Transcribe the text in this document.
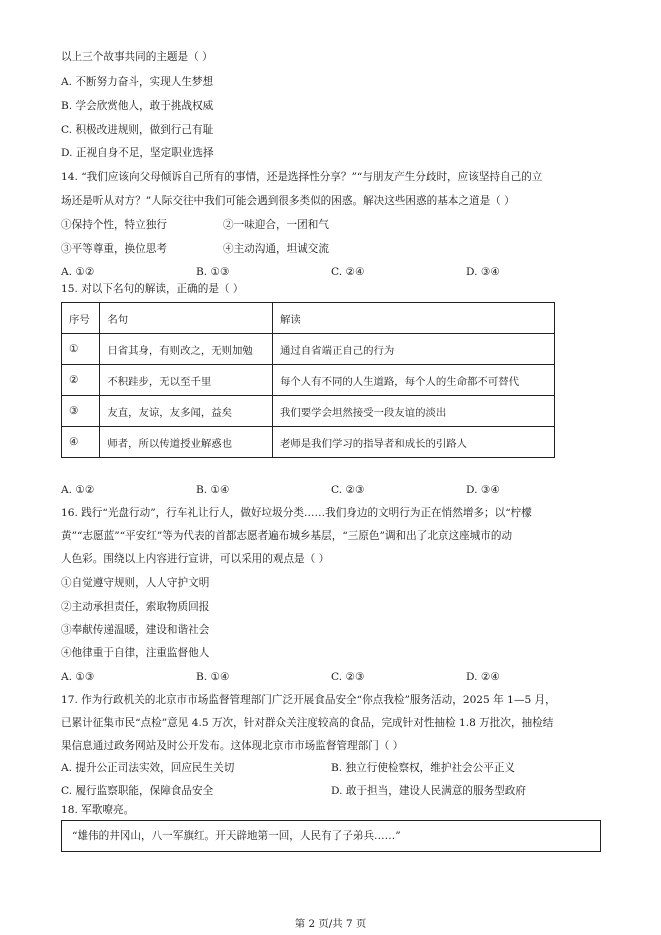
以上三个故事共同的主题是（ ）
A. 不断努力奋斗，实现人生梦想
B. 学会欣赏他人，敢于挑战权威
C. 积极改进规则，做到行己有耻
D. 正视自身不足，坚定职业选择
14. “我们应该向父母倾诉自己所有的事情，还是选择性分享？”“与朋友产生分歧时，应该坚持自己的立
场还是听从对方？”人际交往中我们可能会遇到很多类似的困惑。解决这些困惑的基本之道是（ ）
①保持个性，特立独行	②一味迎合，一团和气
③平等尊重，换位思考	④主动沟通，坦诚交流
A. ①②	B. ①③	C. ②④	D. ③④
15. 对以下名句的解读，正确的是（ ）
序号	名句	解读
①	日省其身，有则改之，无则加勉	通过自省端正自己的行为
②	不积跬步，无以至千里	每个人有不同的人生道路，每个人的生命都不可替代
③	友直，友谅，友多闻，益矣	我们要学会坦然接受一段友谊的淡出
④	师者，所以传道授业解惑也	老师是我们学习的指导者和成长的引路人
A. ①②	B. ①④	C. ②③	D. ③④
16. 践行“光盘行动”，行车礼让行人，做好垃圾分类……我们身边的文明行为正在悄然增多；以“柠檬
黄”“志愿蓝”“平安红”等为代表的首都志愿者遍布城乡基层，“三原色”调和出了北京这座城市的动
人色彩。围绕以上内容进行宣讲，可以采用的观点是（ ）
①自觉遵守规则，人人守护文明
②主动承担责任，索取物质回报
③奉献传递温暖，建设和谐社会
④他律重于自律，注重监督他人
A. ①③	B. ①④	C. ②③	D. ②④
17. 作为行政机关的北京市市场监督管理部门广泛开展食品安全“你点我检”服务活动，2025 年 1—5 月，
已累计征集市民“点检”意见 4.5 万次，针对群众关注度较高的食品，完成针对性抽检 1.8 万批次，抽检结
果信息通过政务网站及时公开发布。这体现北京市市场监督管理部门（ ）
A. 提升公正司法实效，回应民生关切	B. 独立行使检察权，维护社会公平正义
C. 履行监察职能，保障食品安全	D. 敢于担当，建设人民满意的服务型政府
18. 军歌嘹亮。
“雄伟的井冈山，八一军旗红。开天辟地第一回，人民有了子弟兵……”
第 2 页/共 7 页
